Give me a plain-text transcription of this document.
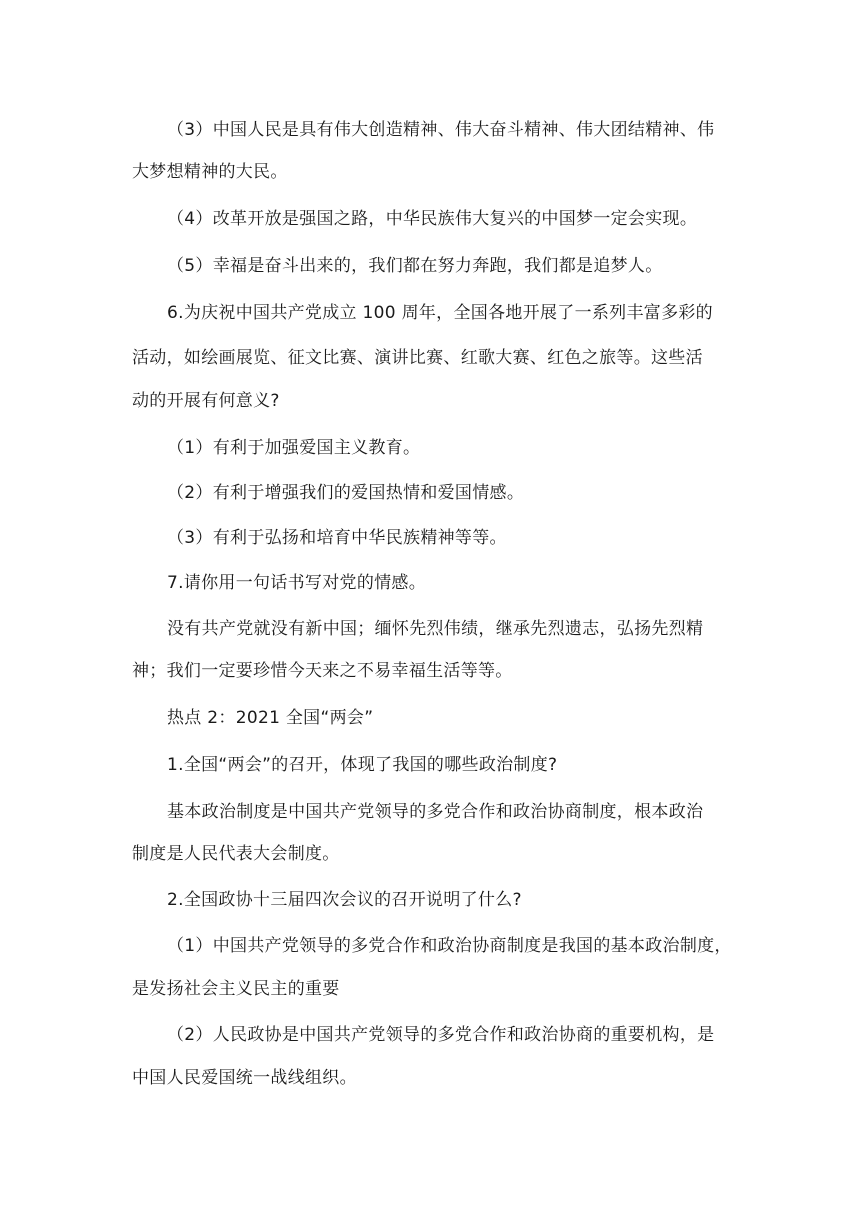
（3）中国人民是具有伟大创造精神、伟大奋斗精神、伟大团结精神、伟

大梦想精神的大民。

（4）改革开放是强国之路，中华民族伟大复兴的中国梦一定会实现。

（5）幸福是奋斗出来的，我们都在努力奔跑，我们都是追梦人。

6.为庆祝中国共产党成立 100 周年，全国各地开展了一系列丰富多彩的

活动，如绘画展览、征文比赛、演讲比赛、红歌大赛、红色之旅等。这些活

动的开展有何意义?

（1）有利于加强爱国主义教育。

（2）有利于增强我们的爱国热情和爱国情感。

（3）有利于弘扬和培育中华民族精神等等。

7.请你用一句话书写对党的情感。

没有共产党就没有新中国；缅怀先烈伟绩，继承先烈遗志，弘扬先烈精

神；我们一定要珍惜今天来之不易幸福生活等等。

热点 2：2021 全国“两会”

1.全国“两会”的召开，体现了我国的哪些政治制度?

基本政治制度是中国共产党领导的多党合作和政治协商制度，根本政治

制度是人民代表大会制度。

2.全国政协十三届四次会议的召开说明了什么?

（1）中国共产党领导的多党合作和政治协商制度是我国的基本政治制度，

是发扬社会主义民主的重要

（2）人民政协是中国共产党领导的多党合作和政治协商的重要机构，是

中国人民爱国统一战线组织。
